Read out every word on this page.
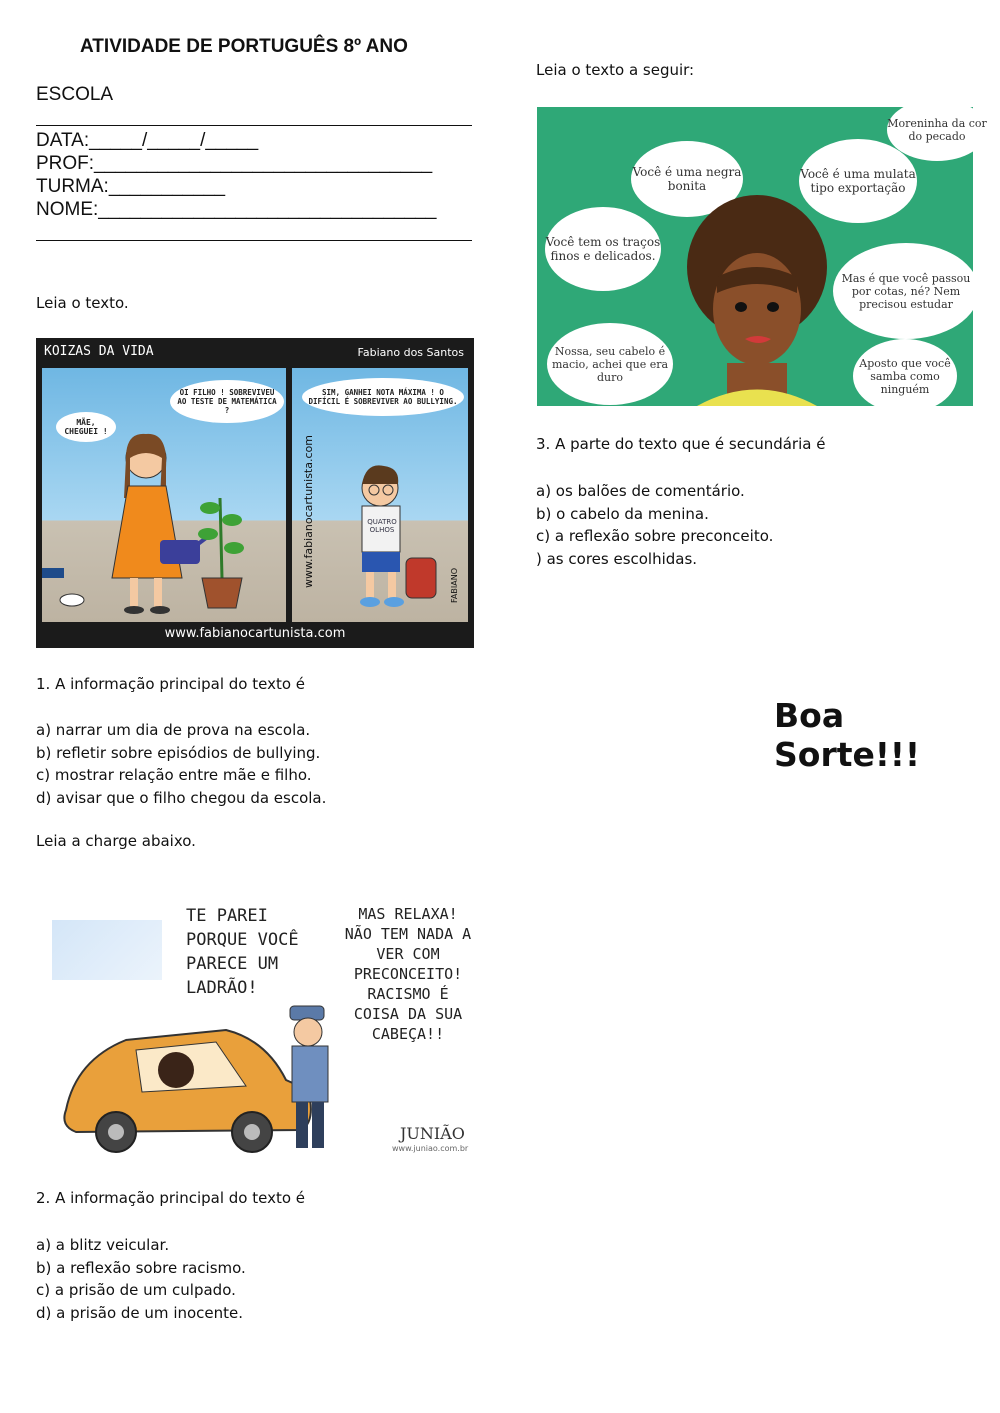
ATIVIDADE DE PORTUGUÊS 8º ANO
ESCOLA
DATA:_____/_____/_____
PROF:________________________________
TURMA:___________
NOME:________________________________
Leia o texto.
KOIZAS DA VIDA	Fabiano dos Santos
MÃE, CHEGUEI !
OI FILHO ! SOBREVIVEU AO TESTE DE MATEMÁTICA ?
SIM, GANHEI NOTA MÁXIMA ! O DIFÍCIL É SOBREVIVER AO BULLYING.
www.fabianocartunista.com	QUATRO OLHOS
FABIANO
www.fabianocartunista.com
1. A informação principal do texto é
a) narrar um dia de prova na escola.
b) refletir sobre episódios de bullying.
c) mostrar relação entre mãe e filho.
d) avisar que o filho chegou da escola.
Leia a charge abaixo.
TE PAREI PORQUE VOCÊ PARECE UM LADRÃO!
MAS RELAXA! NÃO TEM NADA A VER COM PRECONCEITO! RACISMO É COISA DA SUA CABEÇA!!
JUNIÃO
www.juniao.com.br
2. A informação principal do texto é
a) a blitz veicular.
b) a reflexão sobre racismo.
c) a prisão de um culpado.
d) a prisão de um inocente.
Leia o texto a seguir:
Moreninha da cor do pecado
Você é uma negra bonita
Você é uma mulata tipo exportação
Você tem os traços finos e delicados.
Mas é que você passou por cotas, né? Nem precisou estudar
Nossa, seu cabelo é macio, achei que era duro
Aposto que você samba como ninguém
3. A parte do texto que é secundária é
a) os balões de comentário.
b) o cabelo da menina.
c) a reflexão sobre preconceito.
) as cores escolhidas.
Boa Sorte!!!
